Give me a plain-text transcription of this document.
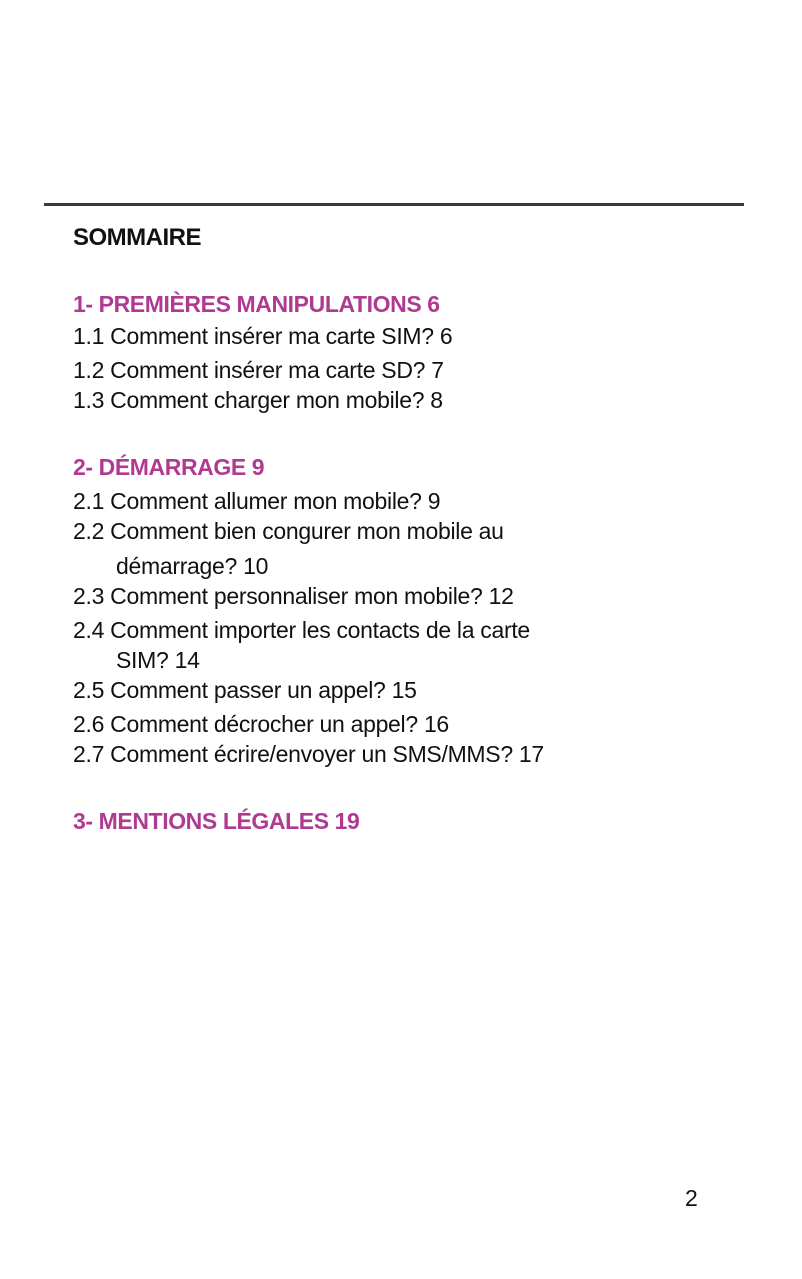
SOMMAIRE
1- PREMIÈRES MANIPULATIONS 6
1.1 Comment insérer ma carte SIM? 6
1.2 Comment insérer ma carte SD? 7
1.3 Comment charger mon mobile? 8
2- DÉMARRAGE 9
2.1 Comment allumer mon mobile? 9
2.2 Comment bien congurer mon mobile au
démarrage? 10
2.3 Comment personnaliser mon mobile? 12
2.4 Comment importer les contacts de la carte
SIM? 14
2.5 Comment passer un appel? 15
2.6 Comment décrocher un appel? 16
2.7 Comment écrire/envoyer un SMS/MMS? 17
3- MENTIONS LÉGALES 19
2
